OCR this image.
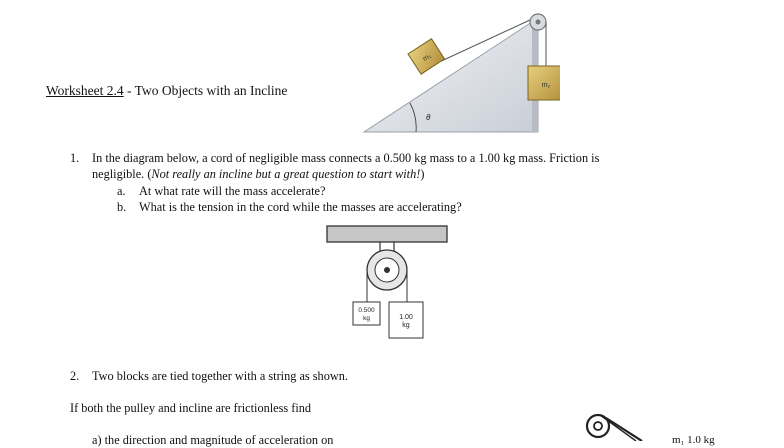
Worksheet 2.4 - Two Objects with an Incline
m₁
m₂
θ
1. In the diagram below, a cord of negligible mass connects a 0.500 kg mass to a 1.00 kg mass. Friction is
negligible. (Not really an incline but a great question to start with!)
a. At what rate will the mass accelerate?
b. What is the tension in the cord while the masses are accelerating?
0.500
kg	1.00
kg
2. Two blocks are tied together with a string as shown.
If both the pulley and incline are frictionless find
a) the direction and magnitude of acceleration on	m₁ 1.0 kg
